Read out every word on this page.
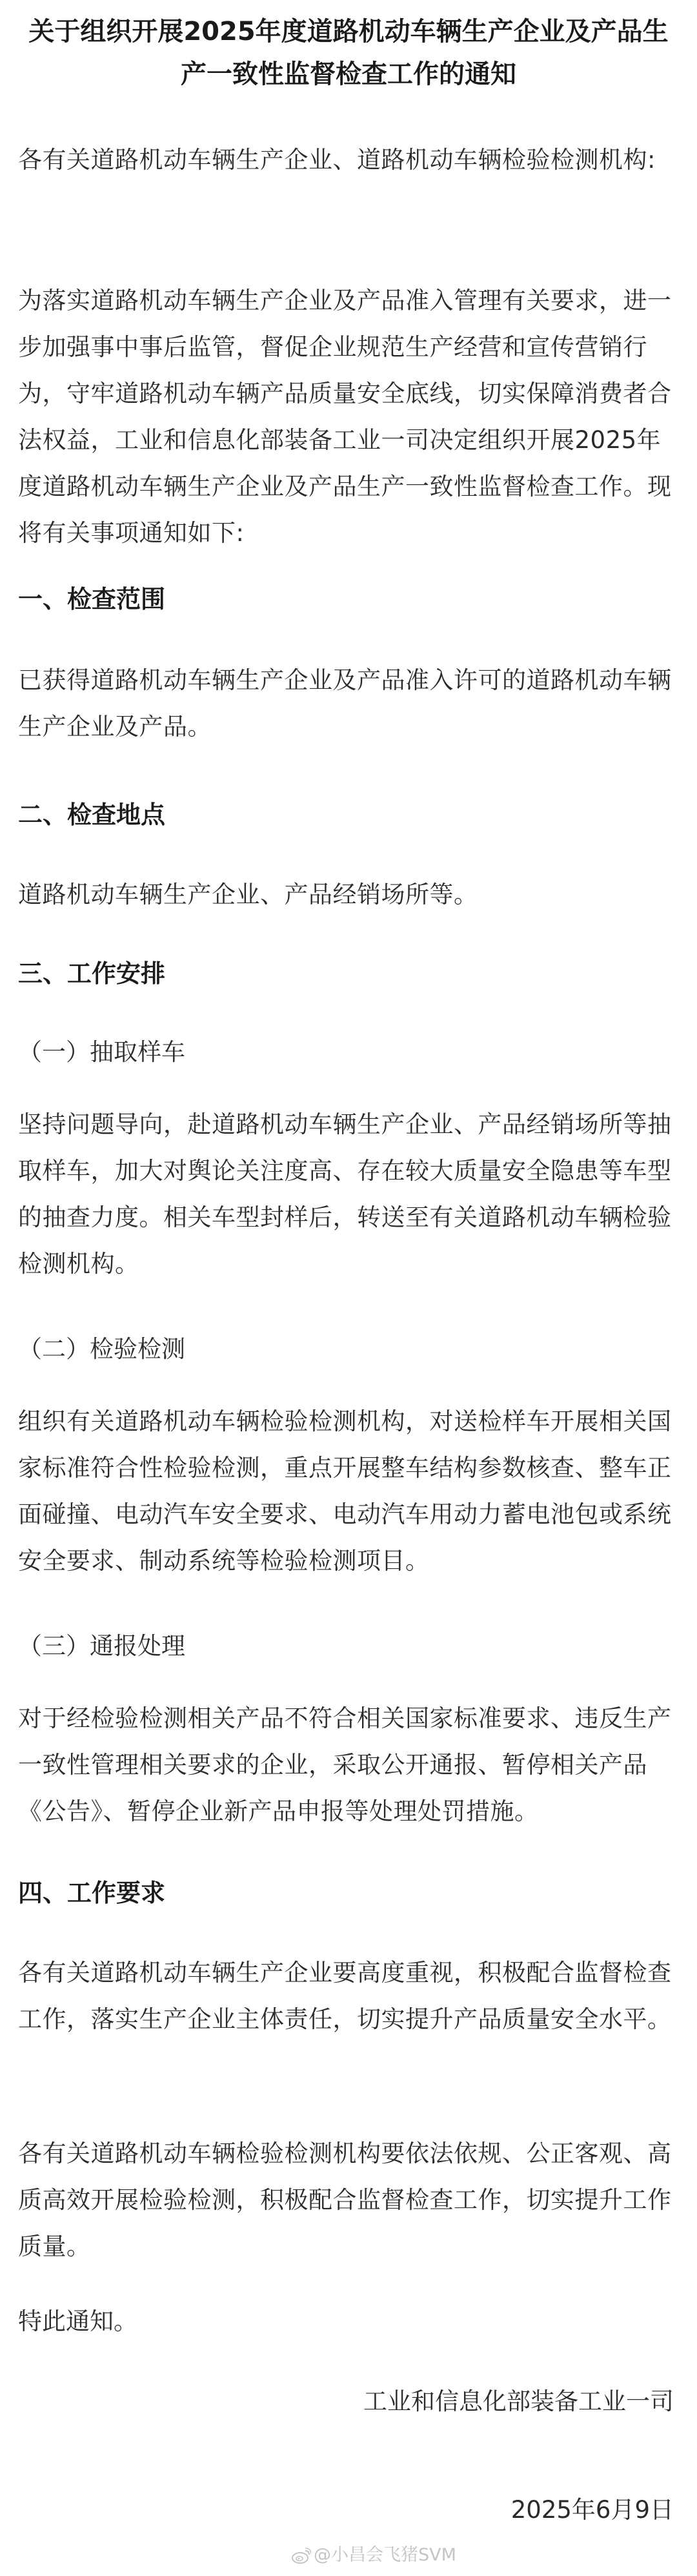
关于组织开展2025年度道路机动车辆生产企业及产品生产一致性监督检查工作的通知
各有关道路机动车辆生产企业、道路机动车辆检验检测机构:
为落实道路机动车辆生产企业及产品准入管理有关要求，进一步加强事中事后监管，督促企业规范生产经营和宣传营销行为，守牢道路机动车辆产品质量安全底线，切实保障消费者合法权益，工业和信息化部装备工业一司决定组织开展2025年度道路机动车辆生产企业及产品生产一致性监督检查工作。现将有关事项通知如下:
一、检查范围
已获得道路机动车辆生产企业及产品准入许可的道路机动车辆生产企业及产品。
二、检查地点
道路机动车辆生产企业、产品经销场所等。
三、工作安排
（一）抽取样车
坚持问题导向，赴道路机动车辆生产企业、产品经销场所等抽取样车，加大对舆论关注度高、存在较大质量安全隐患等车型的抽查力度。相关车型封样后，转送至有关道路机动车辆检验检测机构。
（二）检验检测
组织有关道路机动车辆检验检测机构，对送检样车开展相关国家标准符合性检验检测，重点开展整车结构参数核查、整车正面碰撞、电动汽车安全要求、电动汽车用动力蓄电池包或系统安全要求、制动系统等检验检测项目。
（三）通报处理
对于经检验检测相关产品不符合相关国家标准要求、违反生产一致性管理相关要求的企业，采取公开通报、暂停相关产品《公告》、暂停企业新产品申报等处理处罚措施。
四、工作要求
各有关道路机动车辆生产企业要高度重视，积极配合监督检查工作，落实生产企业主体责任，切实提升产品质量安全水平。
各有关道路机动车辆检验检测机构要依法依规、公正客观、高质高效开展检验检测，积极配合监督检查工作，切实提升工作质量。
特此通知。
工业和信息化部装备工业一司
2025年6月9日
@小昌会飞猪SVM
